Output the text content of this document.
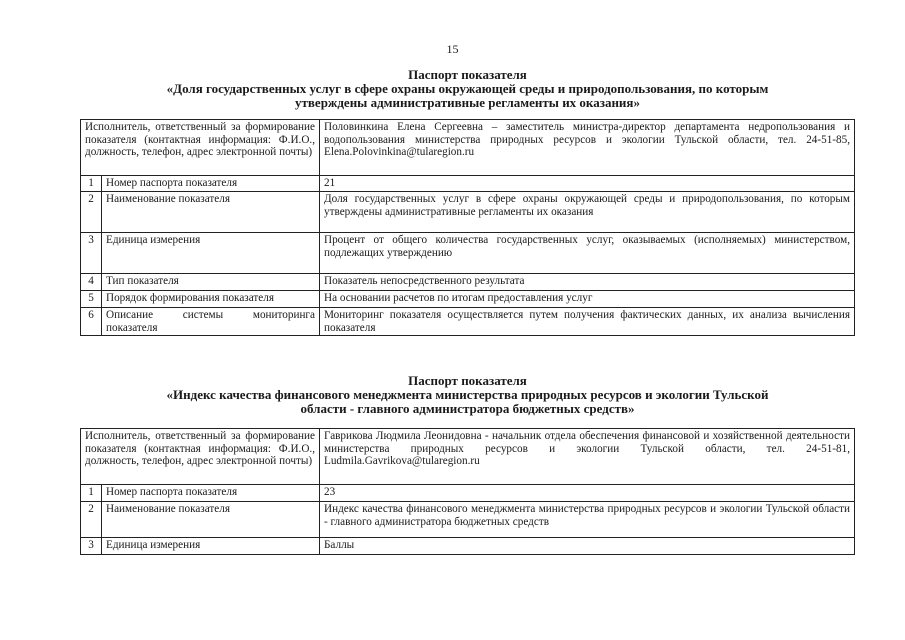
15
Паспорт показателя
«Доля государственных услуг в сфере охраны окружающей среды и природопользования, по которым
утверждены административные регламенты их оказания»
Исполнитель, ответственный за формирование показателя (контактная информация: Ф.И.О., должность, телефон, адрес электронной почты)		Половинкина Елена Сергеевна – заместитель министра-директор департамента недропользования и водопользования министерства природных ресурсов и экологии Тульской области, тел. 24-51-85, Elena.Polovinkina@tularegion.ru
1	Номер паспорта показателя	21
2	Наименование показателя	Доля государственных услуг в сфере охраны окружающей среды и природопользования, по которым утверждены административные регламенты их оказания
3	Единица измерения	Процент от общего количества государственных услуг, оказываемых (исполняемых) министерством, подлежащих утверждению
4	Тип показателя	Показатель непосредственного результата
5	Порядок формирования показателя	На основании расчетов по итогам предоставления услуг
6	Описание системы мониторинга показателя	Мониторинг показателя осуществляется путем получения фактических данных, их анализа вычисления показателя
Паспорт показателя
«Индекс качества финансового менеджмента министерства природных ресурсов и экологии Тульской
области - главного администратора бюджетных средств»
Исполнитель, ответственный за формирование показателя (контактная информация: Ф.И.О., должность, телефон, адрес электронной почты)		Гаврикова Людмила Леонидовна - начальник отдела обеспечения финансовой и хозяйственной деятельности министерства природных ресурсов и экологии Тульской области, тел. 24-51-81, Ludmila.Gavrikova@tularegion.ru
1	Номер паспорта показателя	23
2	Наименование показателя	Индекс качества финансового менеджмента министерства природных ресурсов и экологии Тульской области - главного администратора бюджетных средств
3	Единица измерения	Баллы
